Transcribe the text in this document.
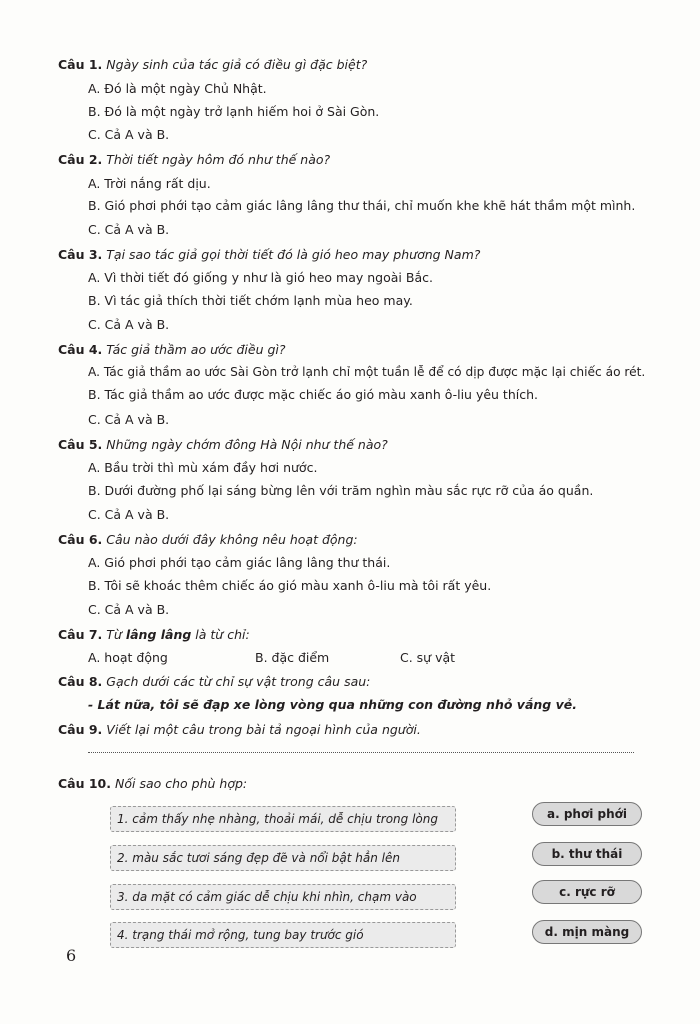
Câu 1. Ngày sinh của tác giả có điều gì đặc biệt?
A. Đó là một ngày Chủ Nhật.
B. Đó là một ngày trở lạnh hiếm hoi ở Sài Gòn.
C. Cả A và B.
Câu 2. Thời tiết ngày hôm đó như thế nào?
A. Trời nắng rất dịu.
B. Gió phơi phới tạo cảm giác lâng lâng thư thái, chỉ muốn khe khẽ hát thầm một mình.
C. Cả A và B.
Câu 3. Tại sao tác giả gọi thời tiết đó là gió heo may phương Nam?
A. Vì thời tiết đó giống y như là gió heo may ngoài Bắc.
B. Vì tác giả thích thời tiết chớm lạnh mùa heo may.
C. Cả A và B.
Câu 4. Tác giả thầm ao ước điều gì?
A. Tác giả thầm ao ước Sài Gòn trở lạnh chỉ một tuần lễ để có dịp được mặc lại chiếc áo rét.
B. Tác giả thầm ao ước được mặc chiếc áo gió màu xanh ô-liu yêu thích.
C. Cả A và B.
Câu 5. Những ngày chớm đông Hà Nội như thế nào?
A. Bầu trời thì mù xám đầy hơi nước.
B. Dưới đường phố lại sáng bừng lên với trăm nghìn màu sắc rực rỡ của áo quần.
C. Cả A và B.
Câu 6. Câu nào dưới đây không nêu hoạt động:
A. Gió phơi phới tạo cảm giác lâng lâng thư thái.
B. Tôi sẽ khoác thêm chiếc áo gió màu xanh ô-liu mà tôi rất yêu.
C. Cả A và B.
Câu 7. Từ lâng lâng là từ chỉ:
A. hoạt động	B. đặc điểm	C. sự vật
Câu 8. Gạch dưới các từ chỉ sự vật trong câu sau:
- Lát nữa, tôi sẽ đạp xe lòng vòng qua những con đường nhỏ vắng vẻ.
Câu 9. Viết lại một câu trong bài tả ngoại hình của người.
Câu 10. Nối sao cho phù hợp:
1. cảm thấy nhẹ nhàng, thoải mái, dễ chịu trong lòng
2. màu sắc tươi sáng đẹp đẽ và nổi bật hẳn lên
3. da mặt có cảm giác dễ chịu khi nhìn, chạm vào
4. trạng thái mở rộng, tung bay trước gió
a. phơi phới
b. thư thái
c. rực rỡ
d. mịn màng
6
